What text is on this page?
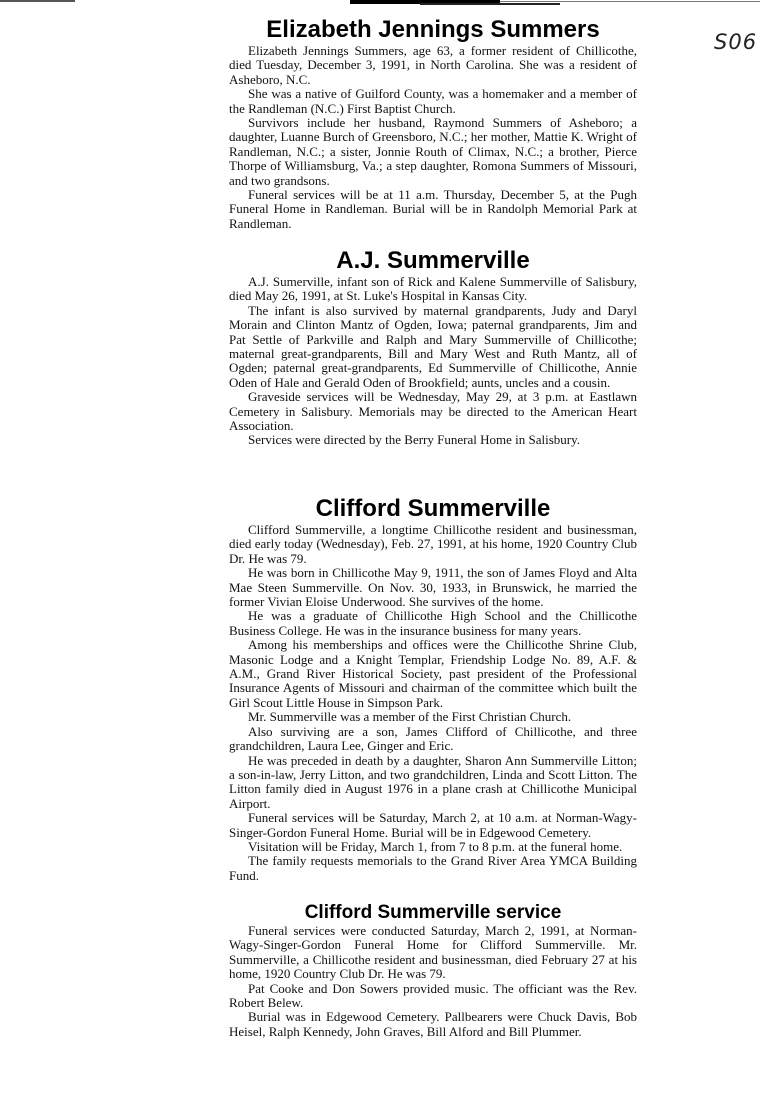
S06
Elizabeth Jennings Summers

Elizabeth Jennings Summers, age 63, a former resident of Chillicothe, died Tuesday, December 3, 1991, in North Carolina. She was a resident of Asheboro, N.C.

She was a native of Guilford County, was a homemaker and a member of the Randleman (N.C.) First Baptist Church.

Survivors include her husband, Raymond Summers of Asheboro; a daughter, Luanne Burch of Greensboro, N.C.; her mother, Mattie K. Wright of Randleman, N.C.; a sister, Jonnie Routh of Climax, N.C.; a brother, Pierce Thorpe of Williamsburg, Va.; a step daughter, Romona Summers of Missouri, and two grandsons.

Funeral services will be at 11 a.m. Thursday, December 5, at the Pugh Funeral Home in Randleman. Burial will be in Randolph Memorial Park at Randleman.

A.J. Summerville

A.J. Sumerville, infant son of Rick and Kalene Summerville of Salisbury, died May 26, 1991, at St. Luke's Hospital in Kansas City.

The infant is also survived by maternal grandparents, Judy and Daryl Morain and Clinton Mantz of Ogden, Iowa; paternal grandparents, Jim and Pat Settle of Parkville and Ralph and Mary Summerville of Chillicothe; maternal great-grandparents, Bill and Mary West and Ruth Mantz, all of Ogden; paternal great-grandparents, Ed Summerville of Chillicothe, Annie Oden of Hale and Gerald Oden of Brookfield; aunts, uncles and a cousin.

Graveside services will be Wednesday, May 29, at 3 p.m. at Eastlawn Cemetery in Salisbury. Memorials may be directed to the American Heart Association.

Services were directed by the Berry Funeral Home in Salisbury.

Clifford Summerville

Clifford Summerville, a longtime Chillicothe resident and businessman, died early today (Wednesday), Feb. 27, 1991, at his home, 1920 Country Club Dr. He was 79.

He was born in Chillicothe May 9, 1911, the son of James Floyd and Alta Mae Steen Summerville. On Nov. 30, 1933, in Brunswick, he married the former Vivian Eloise Underwood. She survives of the home.

He was a graduate of Chillicothe High School and the Chillicothe Business College. He was in the insurance business for many years.

Among his memberships and offices were the Chillicothe Shrine Club, Masonic Lodge and a Knight Templar, Friendship Lodge No. 89, A.F. & A.M., Grand River Historical Society, past president of the Professional Insurance Agents of Missouri and chairman of the committee which built the Girl Scout Little House in Simpson Park.

Mr. Summerville was a member of the First Christian Church.

Also surviving are a son, James Clifford of Chillicothe, and three grandchildren, Laura Lee, Ginger and Eric.

He was preceded in death by a daughter, Sharon Ann Summerville Litton; a son-in-law, Jerry Litton, and two grandchildren, Linda and Scott Litton. The Litton family died in August 1976 in a plane crash at Chillicothe Municipal Airport.

Funeral services will be Saturday, March 2, at 10 a.m. at Norman-Wagy-Singer-Gordon Funeral Home. Burial will be in Edgewood Cemetery.

Visitation will be Friday, March 1, from 7 to 8 p.m. at the funeral home.

The family requests memorials to the Grand River Area YMCA Building Fund.

Clifford Summerville service

Funeral services were conducted Saturday, March 2, 1991, at Norman-Wagy-Singer-Gordon Funeral Home for Clifford Summerville. Mr. Summerville, a Chillicothe resident and businessman, died February 27 at his home, 1920 Country Club Dr. He was 79.

Pat Cooke and Don Sowers provided music. The officiant was the Rev. Robert Belew.

Burial was in Edgewood Cemetery. Pallbearers were Chuck Davis, Bob Heisel, Ralph Kennedy, John Graves, Bill Alford and Bill Plummer.
